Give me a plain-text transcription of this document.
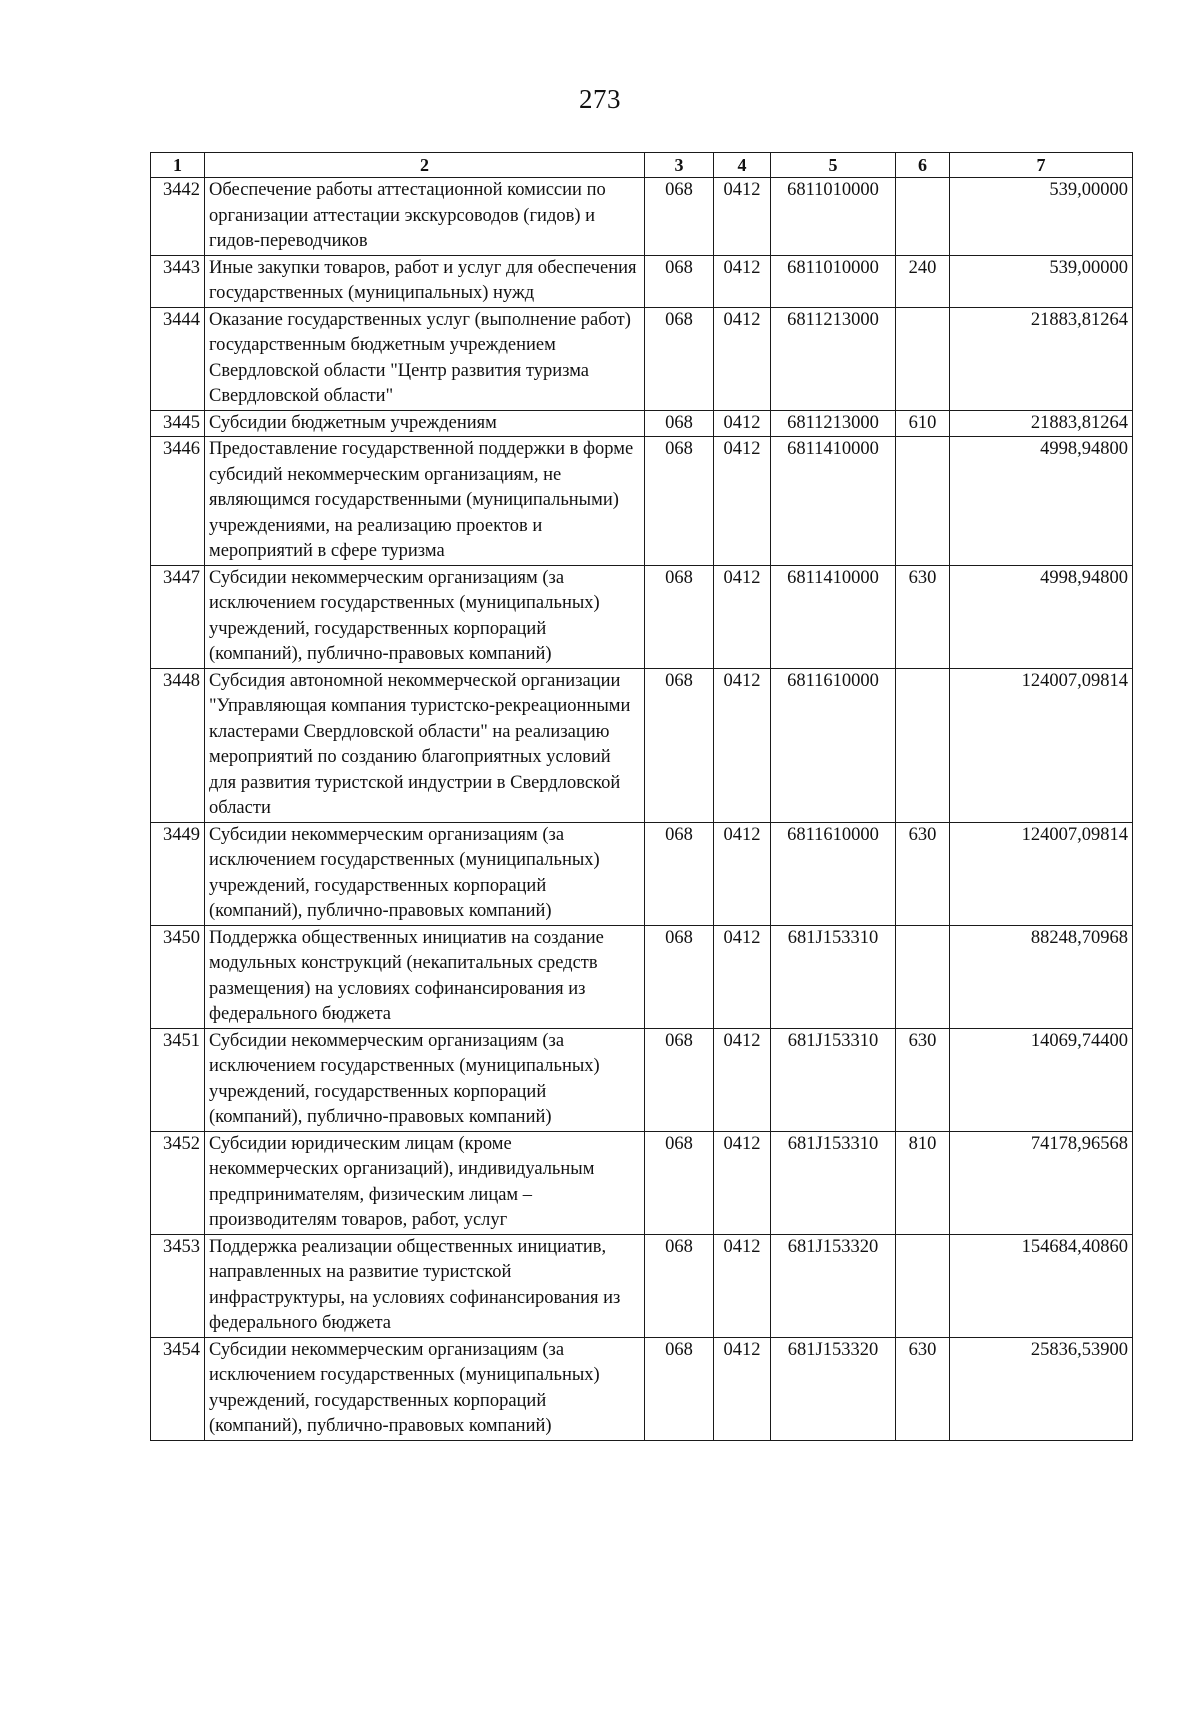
273
1	2	3	4	5	6	7
3442	Обеспечение работы аттестационной комиссии по организации аттестации экскурсоводов (гидов) и гидов-переводчиков	068	0412	6811010000		539,00000
3443	Иные закупки товаров, работ и услуг для обеспечения государственных (муниципальных) нужд	068	0412	6811010000	240	539,00000
3444	Оказание государственных услуг (выполнение работ) государственным бюджетным учреждением Свердловской области "Центр развития туризма Свердловской области"	068	0412	6811213000		21883,81264
3445	Субсидии бюджетным учреждениям	068	0412	6811213000	610	21883,81264
3446	Предоставление государственной поддержки в форме субсидий некоммерческим организациям, не являющимся государственными (муниципальными) учреждениями, на реализацию проектов и мероприятий в сфере туризма	068	0412	6811410000		4998,94800
3447	Субсидии некоммерческим организациям (за исключением государственных (муниципальных) учреждений, государственных корпораций (компаний), публично-правовых компаний)	068	0412	6811410000	630	4998,94800
3448	Субсидия автономной некоммерческой организации "Управляющая компания туристско-рекреационными кластерами Свердловской области" на реализацию мероприятий по созданию благоприятных условий для развития туристской индустрии в Свердловской области	068	0412	6811610000		124007,09814
3449	Субсидии некоммерческим организациям (за исключением государственных (муниципальных) учреждений, государственных корпораций (компаний), публично-правовых компаний)	068	0412	6811610000	630	124007,09814
3450	Поддержка общественных инициатив на создание модульных конструкций (некапитальных средств размещения) на условиях софинансирования из федерального бюджета	068	0412	681J153310		88248,70968
3451	Субсидии некоммерческим организациям (за исключением государственных (муниципальных) учреждений, государственных корпораций (компаний), публично-правовых компаний)	068	0412	681J153310	630	14069,74400
3452	Субсидии юридическим лицам (кроме некоммерческих организаций), индивидуальным предпринимателям, физическим лицам – производителям товаров, работ, услуг	068	0412	681J153310	810	74178,96568
3453	Поддержка реализации общественных инициатив, направленных на развитие туристской инфраструктуры, на условиях софинансирования из федерального бюджета	068	0412	681J153320		154684,40860
3454	Субсидии некоммерческим организациям (за исключением государственных (муниципальных) учреждений, государственных корпораций (компаний), публично-правовых компаний)	068	0412	681J153320	630	25836,53900
